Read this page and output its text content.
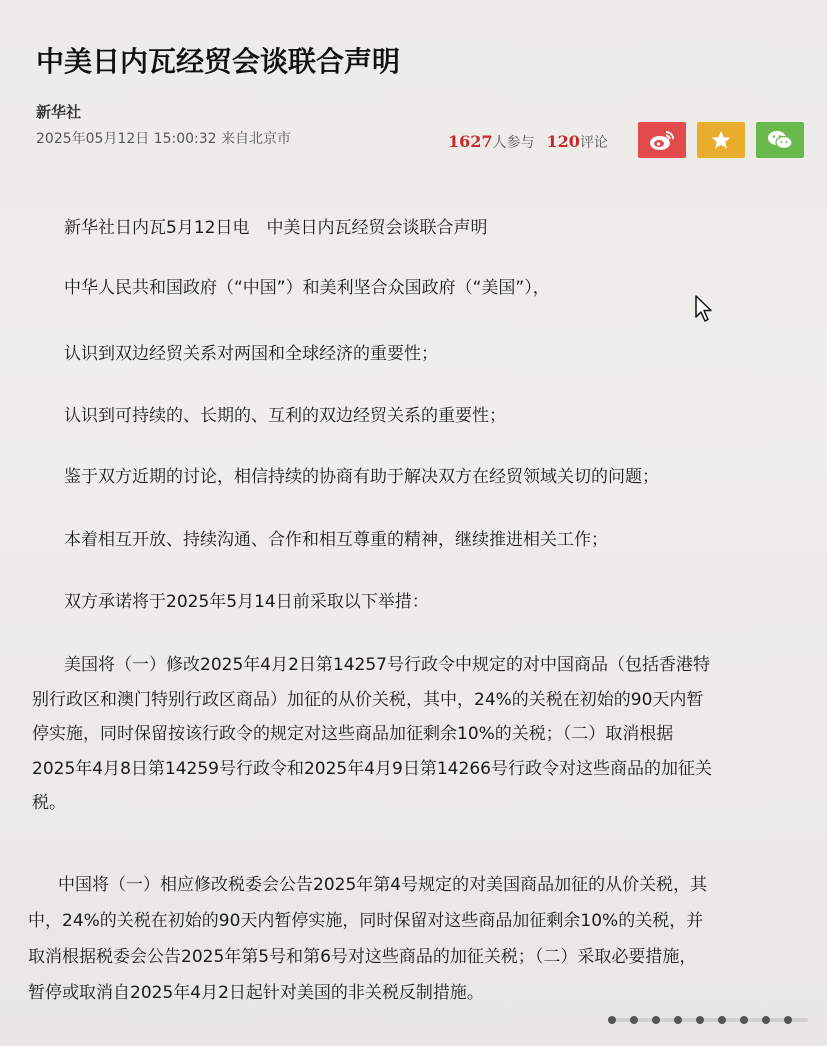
中美日内瓦经贸会谈联合声明
新华社
2025年05月12日 15:00:32 来自北京市	1627人参与 120评论
新华社日内瓦5月12日电　中美日内瓦经贸会谈联合声明
中华人民共和国政府（“中国”）和美利坚合众国政府（“美国”），
认识到双边经贸关系对两国和全球经济的重要性；
认识到可持续的、长期的、互利的双边经贸关系的重要性；
鉴于双方近期的讨论，相信持续的协商有助于解决双方在经贸领域关切的问题；
本着相互开放、持续沟通、合作和相互尊重的精神，继续推进相关工作；
双方承诺将于2025年5月14日前采取以下举措：
美国将（一）修改2025年4月2日第14257号行政令中规定的对中国商品（包括香港特
别行政区和澳门特别行政区商品）加征的从价关税，其中，24%的关税在初始的90天内暂
停实施，同时保留按该行政令的规定对这些商品加征剩余10%的关税；（二）取消根据
2025年4月8日第14259号行政令和2025年4月9日第14266号行政令对这些商品的加征关
税。
中国将（一）相应修改税委会公告2025年第4号规定的对美国商品加征的从价关税，其
中，24%的关税在初始的90天内暂停实施，同时保留对这些商品加征剩余10%的关税，并
取消根据税委会公告2025年第5号和第6号对这些商品的加征关税；（二）采取必要措施，
暂停或取消自2025年4月2日起针对美国的非关税反制措施。
